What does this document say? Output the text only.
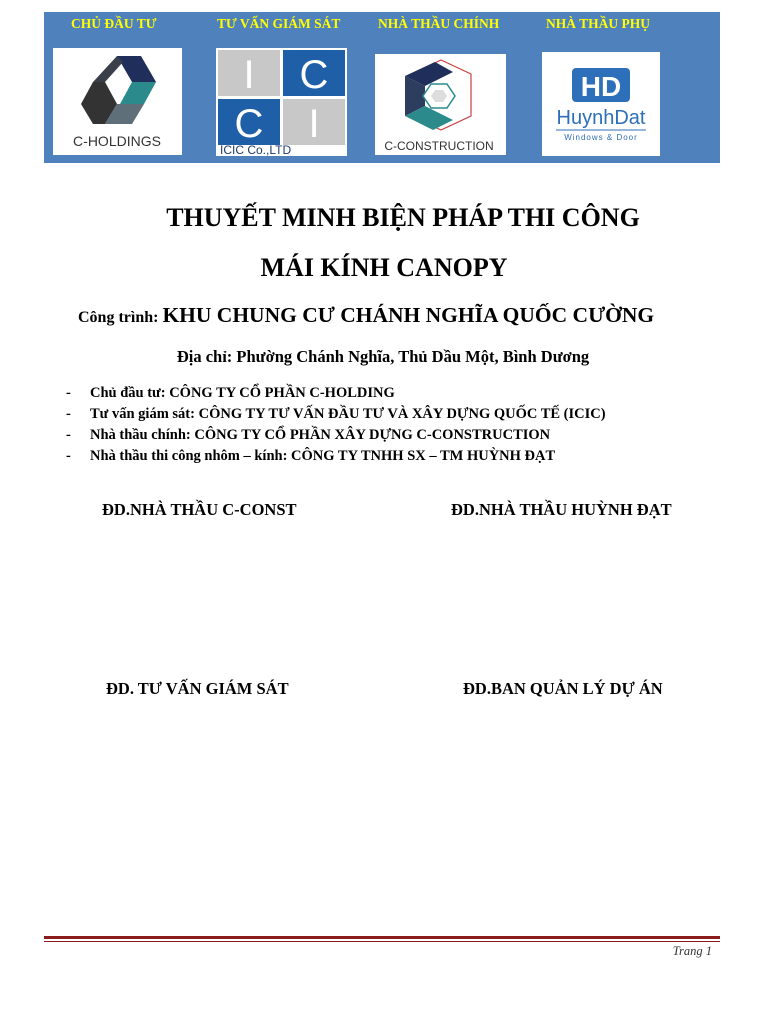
CHỦ ĐẦU TƯ	TƯ VẤN GIÁM SÁT	NHÀ THẦU CHÍNH	NHÀ THẦU PHỤ
C-HOLDINGS
I C
C I
ICIC Co.,LTD	C-CONSTRUCTION
HD
HuynhDat
Windows & Door
THUYẾT MINH BIỆN PHÁP THI CÔNG
MÁI KÍNH CANOPY
Công trình: KHU CHUNG CƯ CHÁNH NGHĨA QUỐC CƯỜNG
Địa chỉ: Phường Chánh Nghĩa, Thủ Dầu Một, Bình Dương
-	Chủ đầu tư: CÔNG TY CỔ PHẦN C-HOLDING
-	Tư vấn giám sát: CÔNG TY TƯ VẤN ĐẦU TƯ VÀ XÂY DỰNG QUỐC TẾ (ICIC)
-	Nhà thầu chính: CÔNG TY CỔ PHẦN XÂY DỰNG C-CONSTRUCTION
-	Nhà thầu thi công nhôm – kính: CÔNG TY TNHH SX – TM HUỲNH ĐẠT
ĐD.NHÀ THẦU C-CONST	ĐD.NHÀ THẦU HUỲNH ĐẠT
ĐD. TƯ VẤN GIÁM SÁT	ĐD.BAN QUẢN LÝ DỰ ÁN
Trang 1
